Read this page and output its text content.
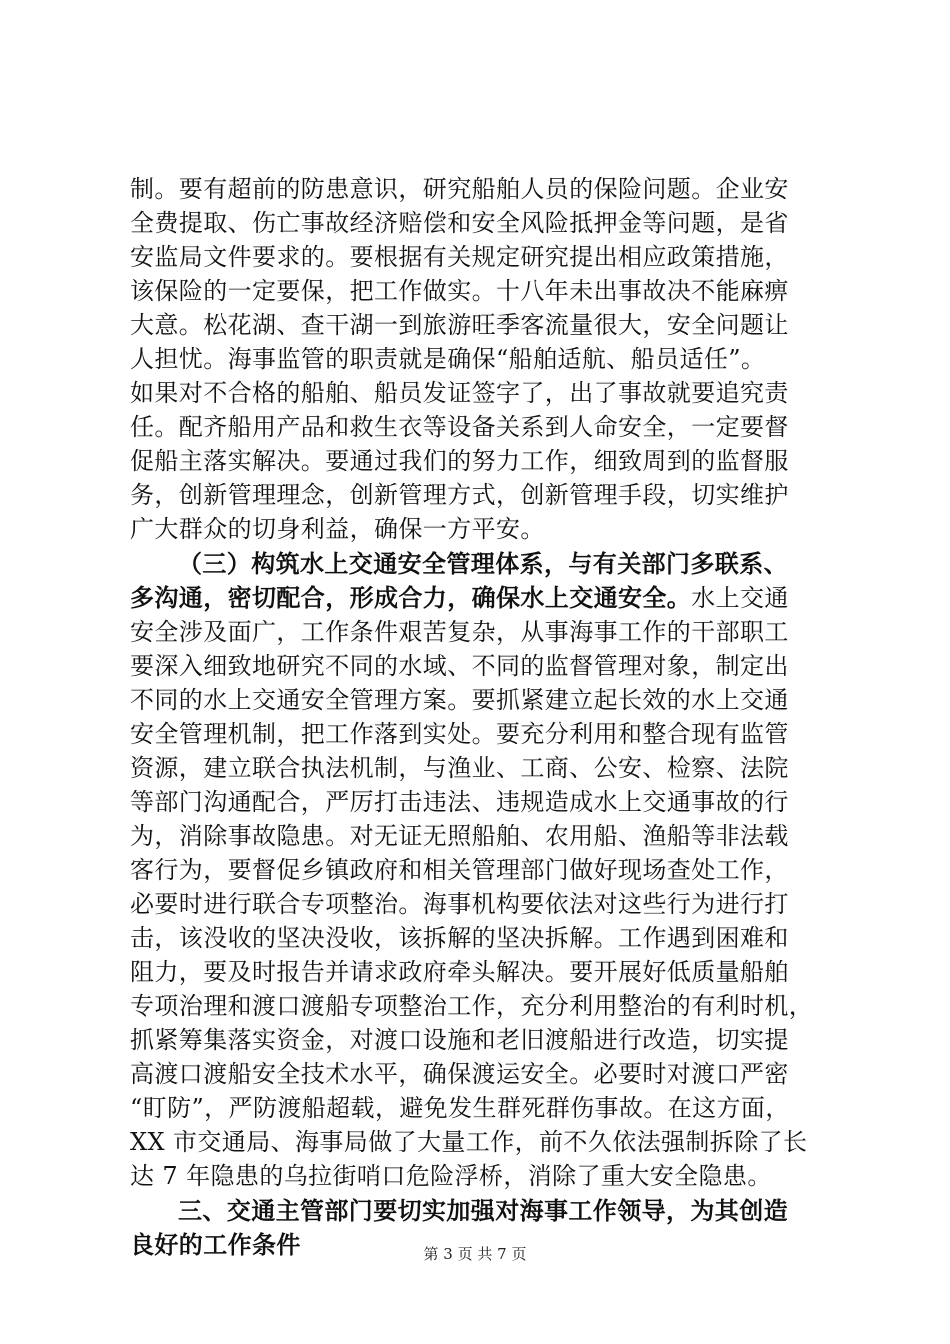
制。要有超前的防患意识，研究船舶人员的保险问题。企业安
全费提取、伤亡事故经济赔偿和安全风险抵押金等问题，是省
安监局文件要求的。要根据有关规定研究提出相应政策措施，
该保险的一定要保，把工作做实。十八年未出事故决不能麻痹
大意。松花湖、查干湖一到旅游旺季客流量很大，安全问题让
人担忧。海事监管的职责就是确保“船舶适航、船员适任”。
如果对不合格的船舶、船员发证签字了，出了事故就要追究责
任。配齐船用产品和救生衣等设备关系到人命安全，一定要督
促船主落实解决。要通过我们的努力工作，细致周到的监督服
务，创新管理理念，创新管理方式，创新管理手段，切实维护
广大群众的切身利益，确保一方平安。
（三）构筑水上交通安全管理体系，与有关部门多联系、
多沟通，密切配合，形成合力，确保水上交通安全。水上交通
安全涉及面广，工作条件艰苦复杂，从事海事工作的干部职工
要深入细致地研究不同的水域、不同的监督管理对象，制定出
不同的水上交通安全管理方案。要抓紧建立起长效的水上交通
安全管理机制，把工作落到实处。要充分利用和整合现有监管
资源，建立联合执法机制，与渔业、工商、公安、检察、法院
等部门沟通配合，严厉打击违法、违规造成水上交通事故的行
为，消除事故隐患。对无证无照船舶、农用船、渔船等非法载
客行为，要督促乡镇政府和相关管理部门做好现场查处工作，
必要时进行联合专项整治。海事机构要依法对这些行为进行打
击，该没收的坚决没收，该拆解的坚决拆解。工作遇到困难和
阻力，要及时报告并请求政府牵头解决。要开展好低质量船舶
专项治理和渡口渡船专项整治工作，充分利用整治的有利时机，
抓紧筹集落实资金，对渡口设施和老旧渡船进行改造，切实提
高渡口渡船安全技术水平，确保渡运安全。必要时对渡口严密
“盯防”，严防渡船超载，避免发生群死群伤事故。在这方面，
XX 市交通局、海事局做了大量工作，前不久依法强制拆除了长
达 7 年隐患的乌拉街哨口危险浮桥，消除了重大安全隐患。
三、交通主管部门要切实加强对海事工作领导，为其创造
良好的工作条件	第 3 页 共 7 页
